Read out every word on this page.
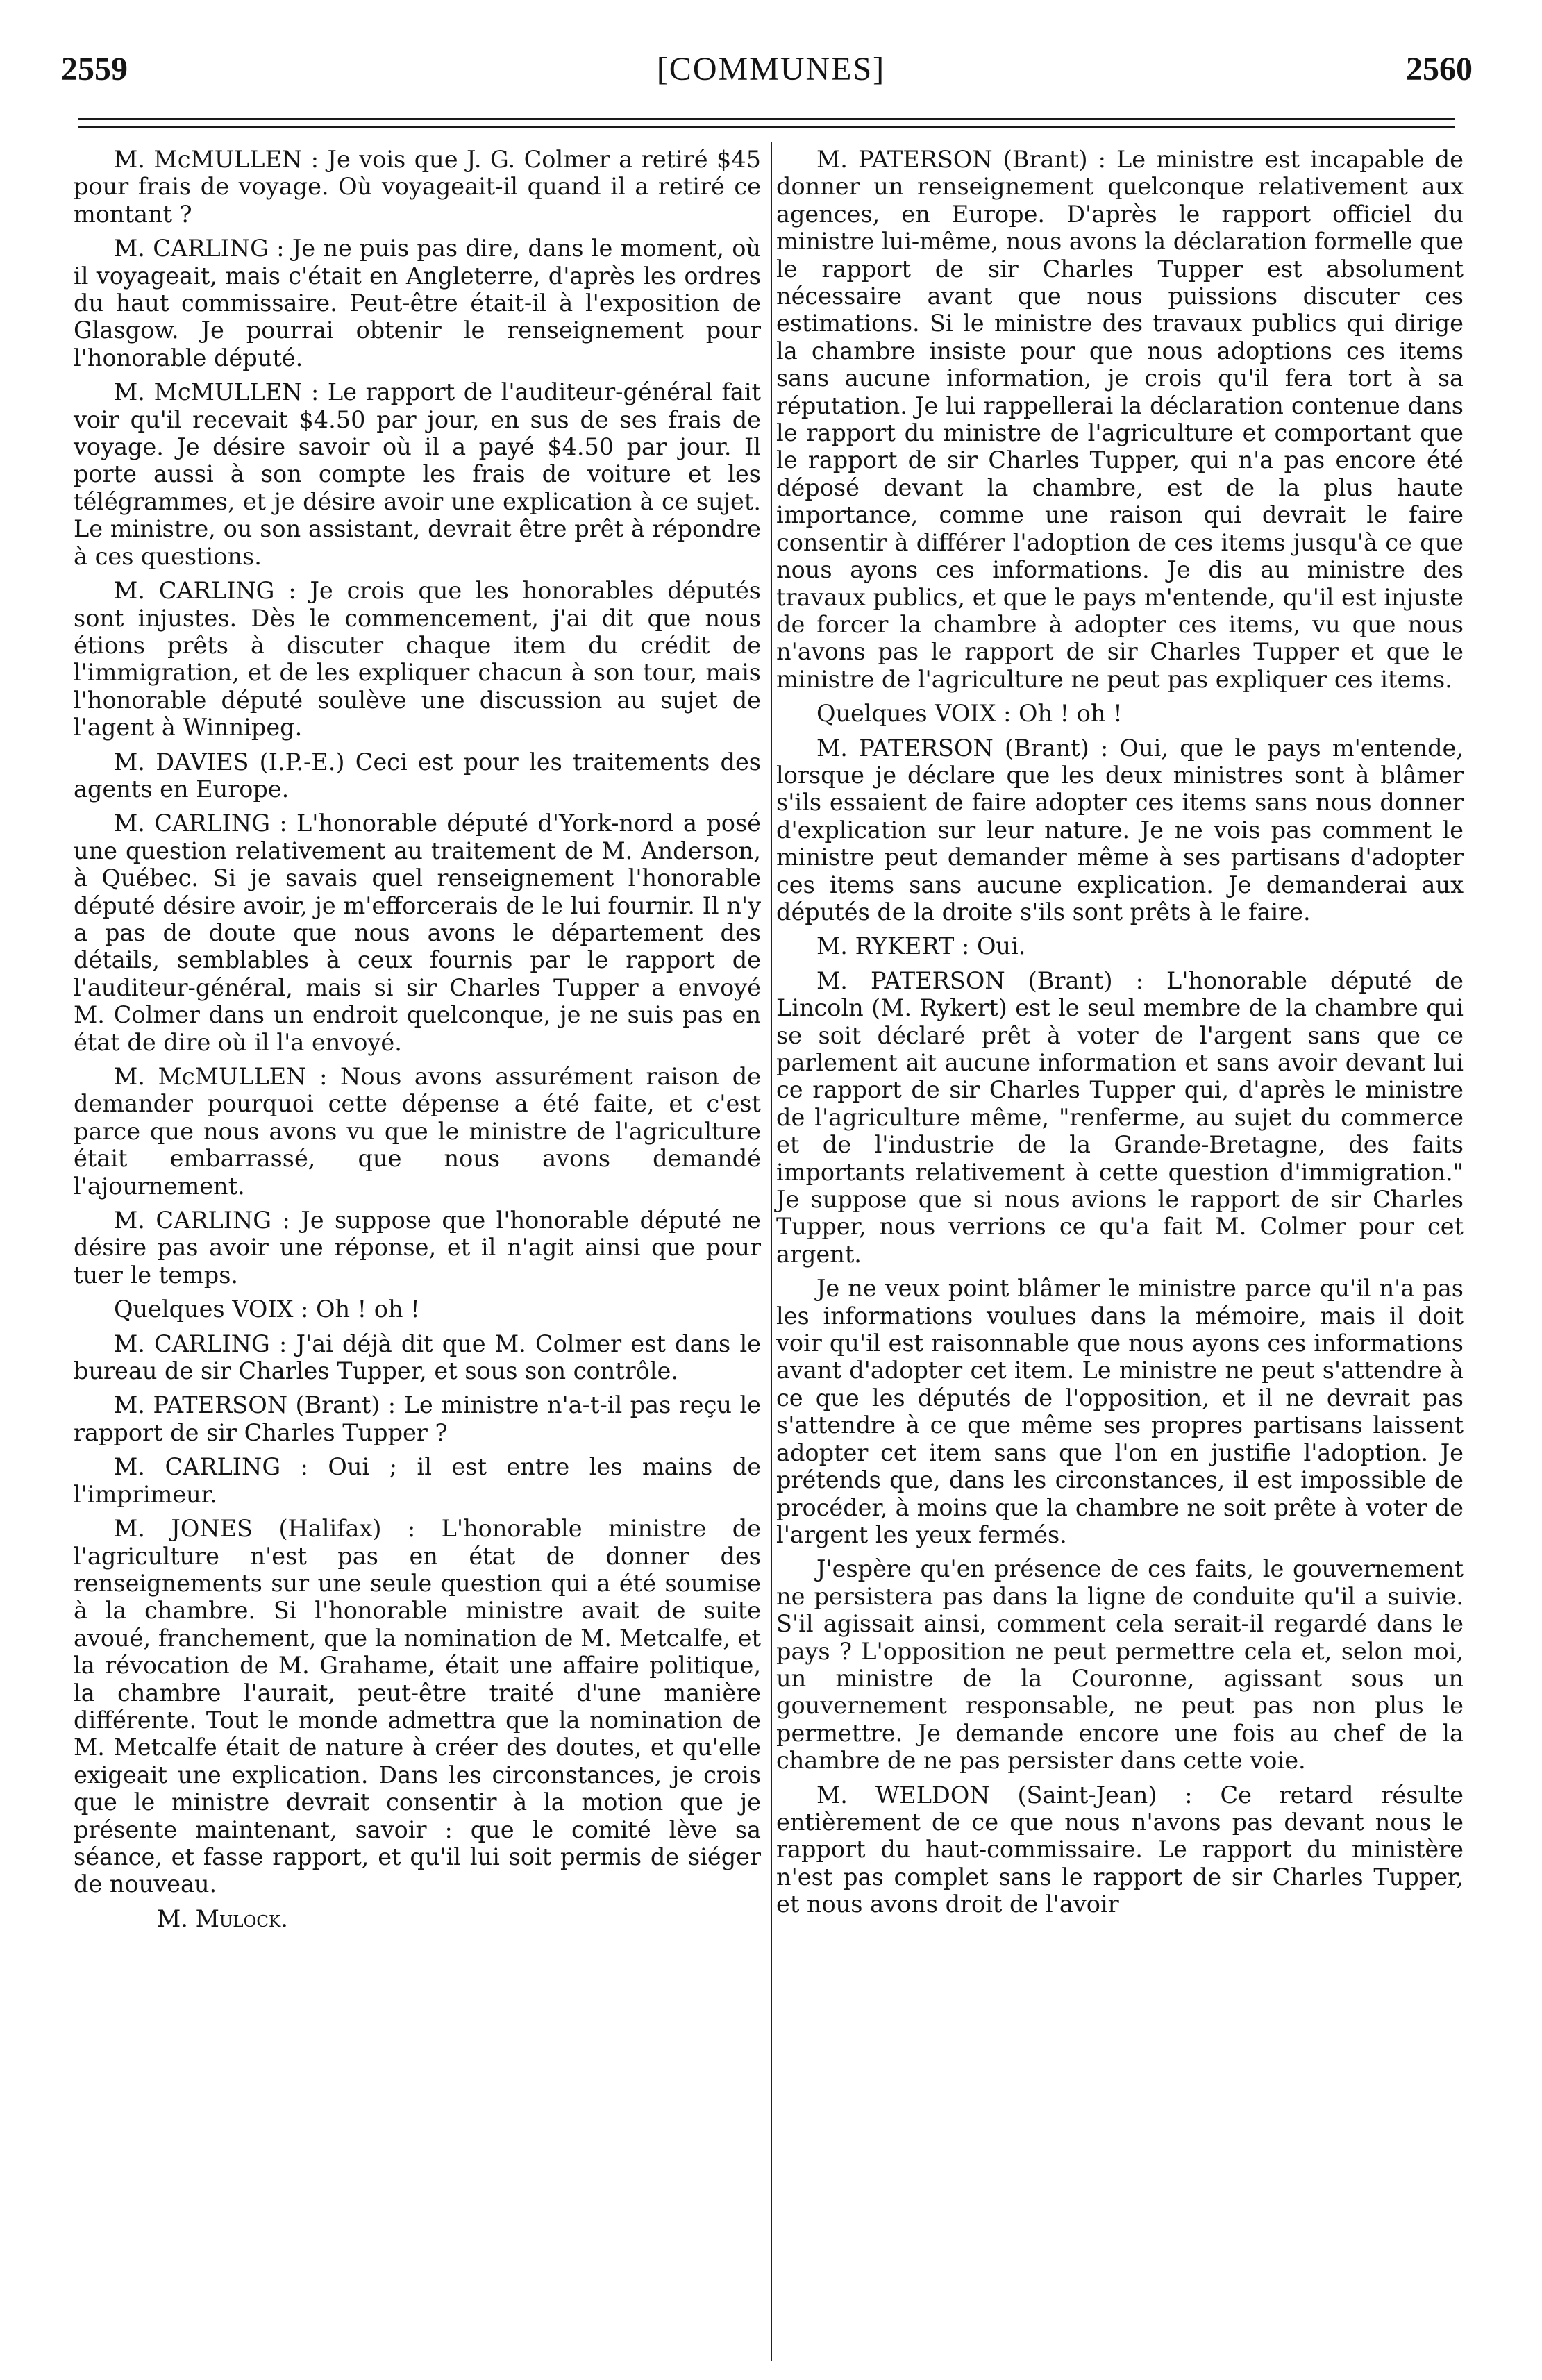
2559	[COMMUNES]	2560

M. McMULLEN : Je vois que J. G. Colmer a retiré $45 pour frais de voyage. Où voyageait-il quand il a retiré ce montant ?

M. CARLING : Je ne puis pas dire, dans le moment, où il voyageait, mais c'était en Angleterre, d'après les ordres du haut commissaire. Peut-être était-il à l'exposition de Glasgow. Je pourrai obtenir le renseignement pour l'honorable député.

M. McMULLEN : Le rapport de l'auditeur-général fait voir qu'il recevait $4.50 par jour, en sus de ses frais de voyage. Je désire savoir où il a payé $4.50 par jour. Il porte aussi à son compte les frais de voiture et les télégrammes, et je désire avoir une explication à ce sujet. Le ministre, ou son assistant, devrait être prêt à répondre à ces questions.

M. CARLING : Je crois que les honorables députés sont injustes. Dès le commencement, j'ai dit que nous étions prêts à discuter chaque item du crédit de l'immigration, et de les expliquer chacun à son tour, mais l'honorable député soulève une discussion au sujet de l'agent à Winnipeg.

M. DAVIES (I.P.-E.) Ceci est pour les traitements des agents en Europe.

M. CARLING : L'honorable député d'York-nord a posé une question relativement au traitement de M. Anderson, à Québec. Si je savais quel renseignement l'honorable député désire avoir, je m'efforcerais de le lui fournir. Il n'y a pas de doute que nous avons le département des détails, semblables à ceux fournis par le rapport de l'auditeur-général, mais si sir Charles Tupper a envoyé M. Colmer dans un endroit quelconque, je ne suis pas en état de dire où il l'a envoyé.

M. McMULLEN : Nous avons assurément raison de demander pourquoi cette dépense a été faite, et c'est parce que nous avons vu que le ministre de l'agriculture était embarrassé, que nous avons demandé l'ajournement.

M. CARLING : Je suppose que l'honorable député ne désire pas avoir une réponse, et il n'agit ainsi que pour tuer le temps.

Quelques VOIX : Oh ! oh !

M. CARLING : J'ai déjà dit que M. Colmer est dans le bureau de sir Charles Tupper, et sous son contrôle.

M. PATERSON (Brant) : Le ministre n'a-t-il pas reçu le rapport de sir Charles Tupper ?

M. CARLING : Oui ; il est entre les mains de l'imprimeur.

M. JONES (Halifax) : L'honorable ministre de l'agriculture n'est pas en état de donner des renseignements sur une seule question qui a été soumise à la chambre. Si l'honorable ministre avait de suite avoué, franchement, que la nomination de M. Metcalfe, et la révocation de M. Grahame, était une affaire politique, la chambre l'aurait, peut-être traité d'une manière différente. Tout le monde admettra que la nomination de M. Metcalfe était de nature à créer des doutes, et qu'elle exigeait une explication. Dans les circonstances, je crois que le ministre devrait consentir à la motion que je présente maintenant, savoir : que le comité lève sa séance, et fasse rapport, et qu'il lui soit permis de siéger de nouveau.

M. Mulock.

M. PATERSON (Brant) : Le ministre est incapable de donner un renseignement quelconque relativement aux agences, en Europe. D'après le rapport officiel du ministre lui-même, nous avons la déclaration formelle que le rapport de sir Charles Tupper est absolument nécessaire avant que nous puissions discuter ces estimations. Si le ministre des travaux publics qui dirige la chambre insiste pour que nous adoptions ces items sans aucune information, je crois qu'il fera tort à sa réputation. Je lui rappellerai la déclaration contenue dans le rapport du ministre de l'agriculture et comportant que le rapport de sir Charles Tupper, qui n'a pas encore été déposé devant la chambre, est de la plus haute importance, comme une raison qui devrait le faire consentir à différer l'adoption de ces items jusqu'à ce que nous ayons ces informations. Je dis au ministre des travaux publics, et que le pays m'entende, qu'il est injuste de forcer la chambre à adopter ces items, vu que nous n'avons pas le rapport de sir Charles Tupper et que le ministre de l'agriculture ne peut pas expliquer ces items.

Quelques VOIX : Oh ! oh !

M. PATERSON (Brant) : Oui, que le pays m'entende, lorsque je déclare que les deux ministres sont à blâmer s'ils essaient de faire adopter ces items sans nous donner d'explication sur leur nature. Je ne vois pas comment le ministre peut demander même à ses partisans d'adopter ces items sans aucune explication. Je demanderai aux députés de la droite s'ils sont prêts à le faire.

M. RYKERT : Oui.

M. PATERSON (Brant) : L'honorable député de Lincoln (M. Rykert) est le seul membre de la chambre qui se soit déclaré prêt à voter de l'argent sans que ce parlement ait aucune information et sans avoir devant lui ce rapport de sir Charles Tupper qui, d'après le ministre de l'agriculture même, "renferme, au sujet du commerce et de l'industrie de la Grande-Bretagne, des faits importants relativement à cette question d'immigration." Je suppose que si nous avions le rapport de sir Charles Tupper, nous verrions ce qu'a fait M. Colmer pour cet argent.

Je ne veux point blâmer le ministre parce qu'il n'a pas les informations voulues dans la mémoire, mais il doit voir qu'il est raisonnable que nous ayons ces informations avant d'adopter cet item. Le ministre ne peut s'attendre à ce que les députés de l'opposition, et il ne devrait pas s'attendre à ce que même ses propres partisans laissent adopter cet item sans que l'on en justifie l'adoption. Je prétends que, dans les circonstances, il est impossible de procéder, à moins que la chambre ne soit prête à voter de l'argent les yeux fermés.

J'espère qu'en présence de ces faits, le gouvernement ne persistera pas dans la ligne de conduite qu'il a suivie. S'il agissait ainsi, comment cela serait-il regardé dans le pays ? L'opposition ne peut permettre cela et, selon moi, un ministre de la Couronne, agissant sous un gouvernement responsable, ne peut pas non plus le permettre. Je demande encore une fois au chef de la chambre de ne pas persister dans cette voie.

M. WELDON (Saint-Jean) : Ce retard résulte entièrement de ce que nous n'avons pas devant nous le rapport du haut-commissaire. Le rapport du ministère n'est pas complet sans le rapport de sir Charles Tupper, et nous avons droit de l'avoir
